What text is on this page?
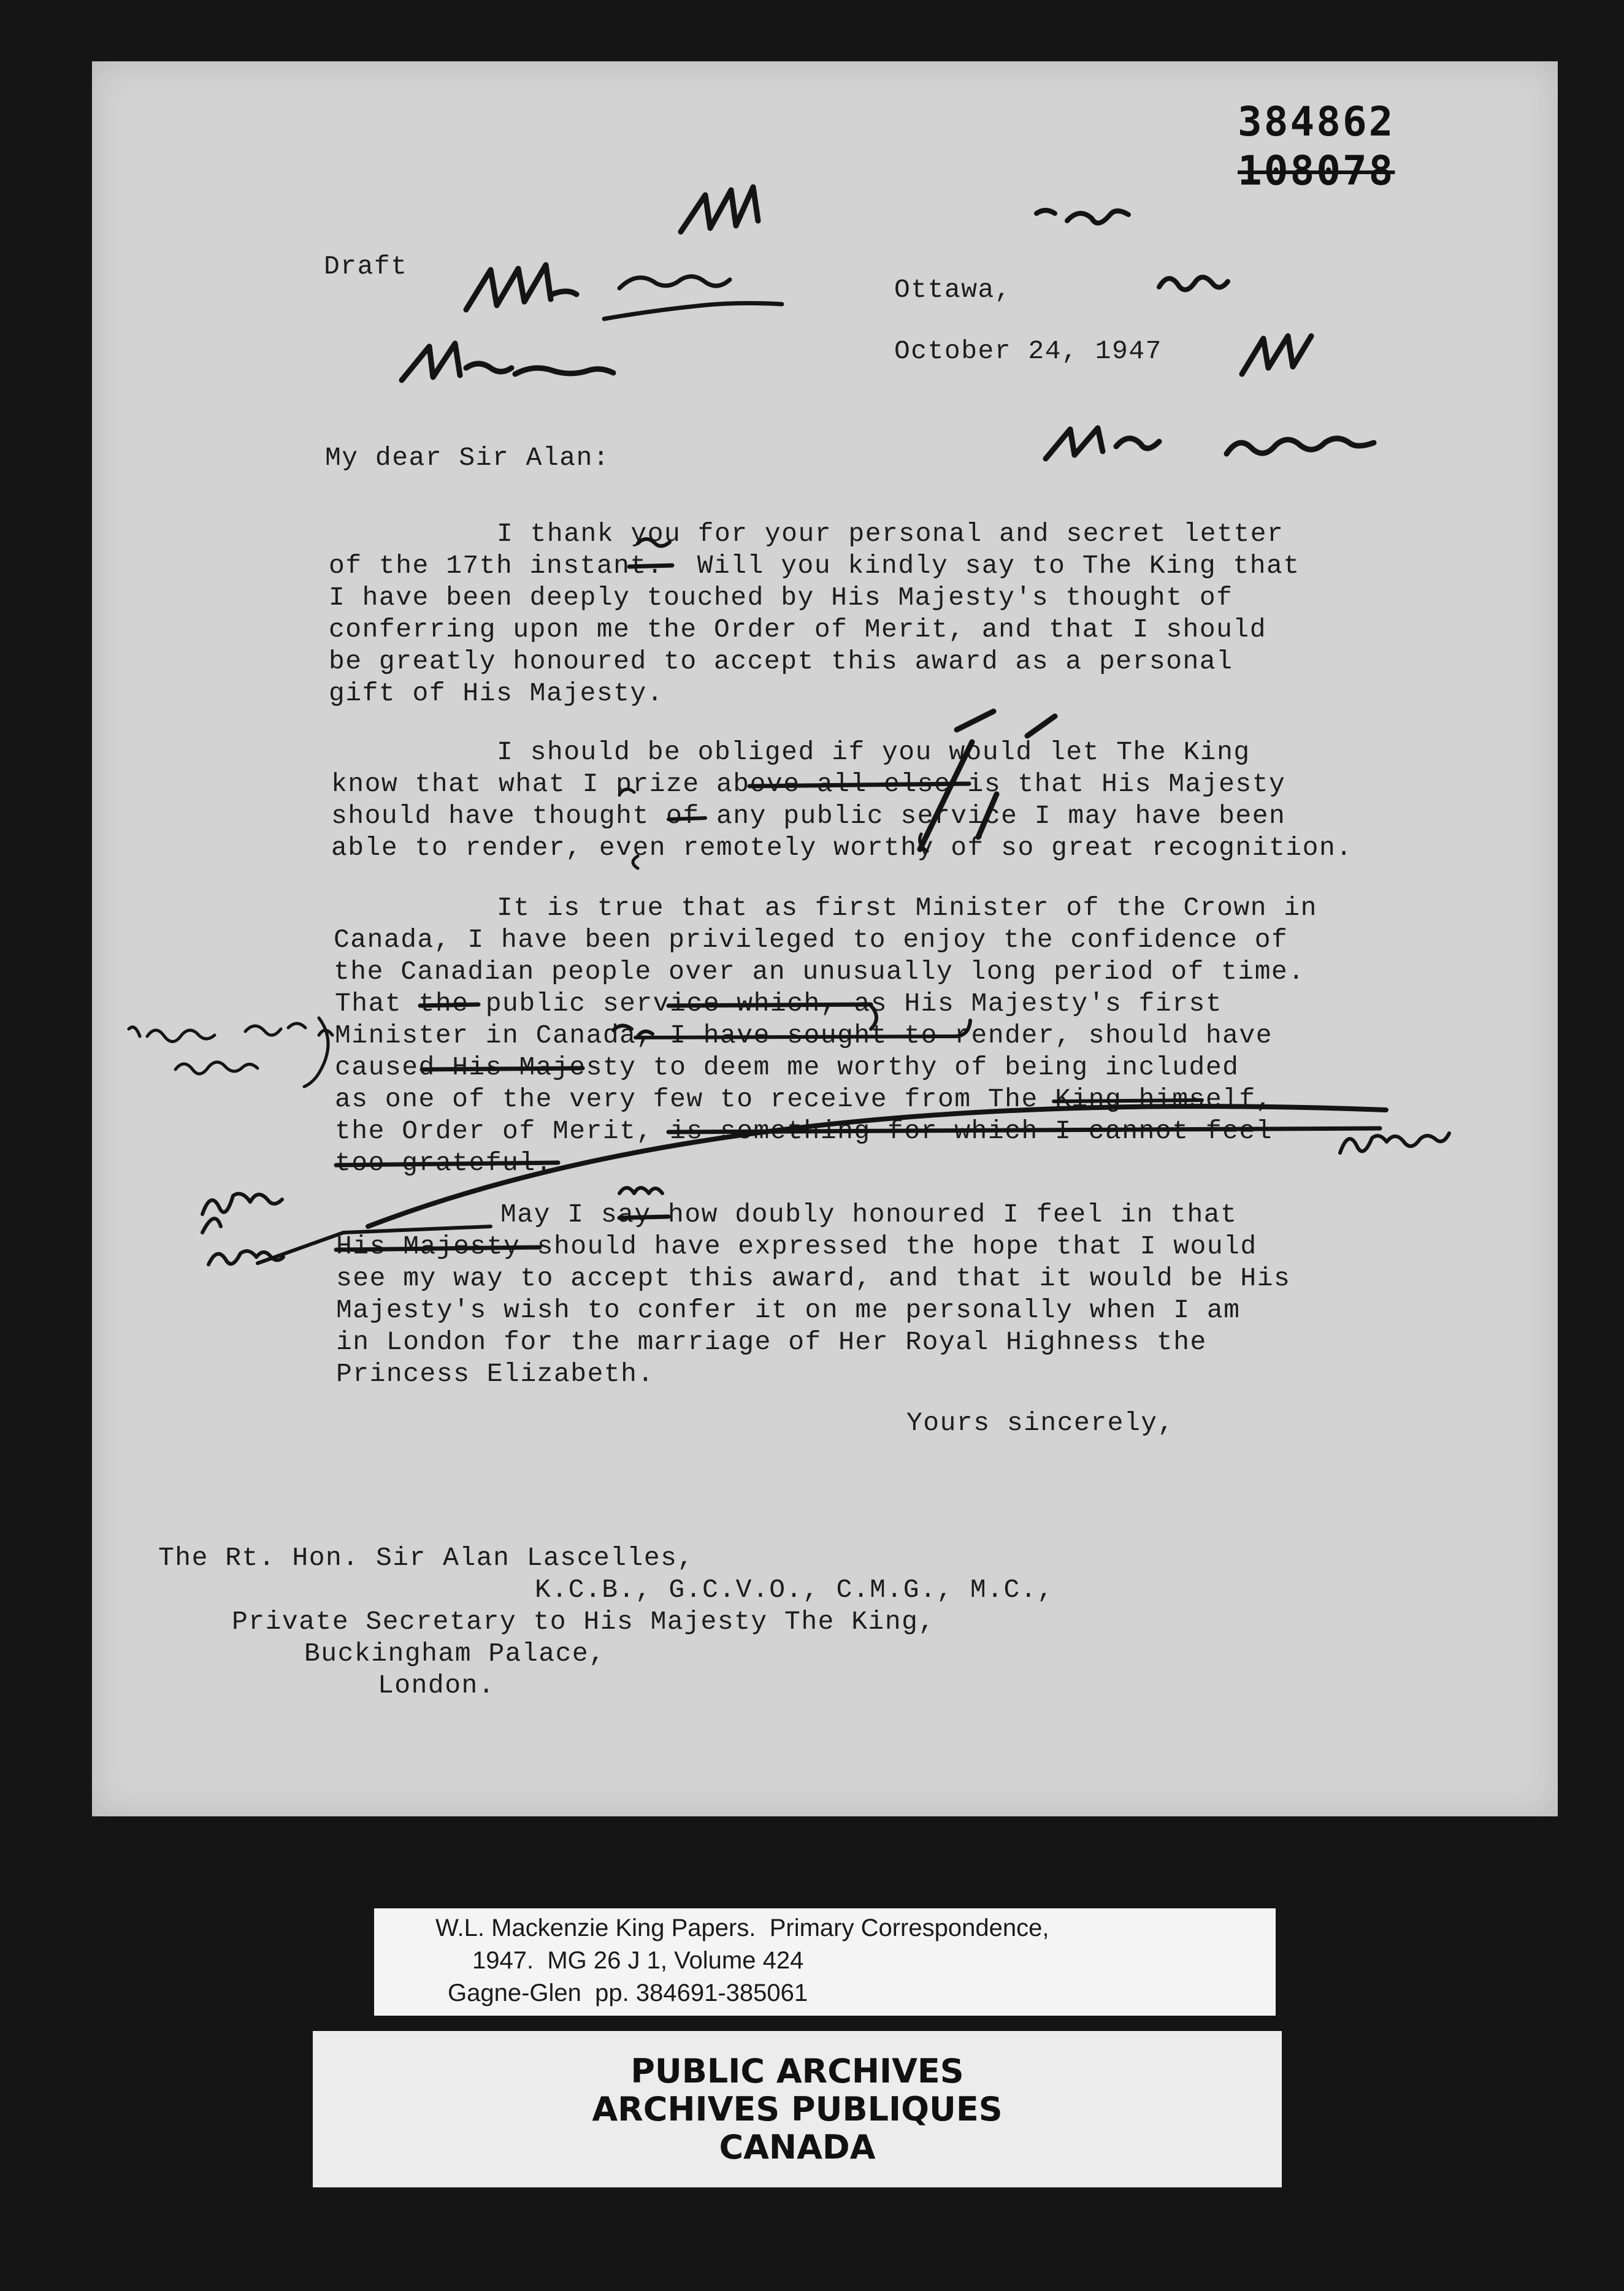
384862
108078
Draft
Ottawa,
October 24, 1947
My dear Sir Alan:
I thank you for your personal and secret letter
of the 17th instant.  Will you kindly say to The King that
I have been deeply touched by His Majesty's thought of
conferring upon me the Order of Merit, and that I should
be greatly honoured to accept this award as a personal
gift of His Majesty.
I should be obliged if you would let The King
know that what I prize above all else is that His Majesty
should have thought of any public service I may have been
able to render, even remotely worthy of so great recognition.
It is true that as first Minister of the Crown in
Canada, I have been privileged to enjoy the confidence of
the Canadian people over an unusually long period of time.
That the public service which, as His Majesty's first
Minister in Canada, I have sought to render, should have
caused His Majesty to deem me worthy of being included
as one of the very few to receive from The King himself,
the Order of Merit, is something for which I cannot feel
too grateful.
May I say how doubly honoured I feel in that
His Majesty should have expressed the hope that I would
see my way to accept this award, and that it would be His
Majesty's wish to confer it on me personally when I am
in London for the marriage of Her Royal Highness the
Princess Elizabeth.
Yours sincerely,
The Rt. Hon. Sir Alan Lascelles,
K.C.B., G.C.V.O., C.M.G., M.C.,
Private Secretary to His Majesty The King,
Buckingham Palace,
London.
W.L. Mackenzie King Papers.  Primary Correspondence,
1947.  MG 26 J 1, Volume 424
Gagne-Glen  pp. 384691-385061
PUBLIC ARCHIVES
ARCHIVES PUBLIQUES
CANADA
